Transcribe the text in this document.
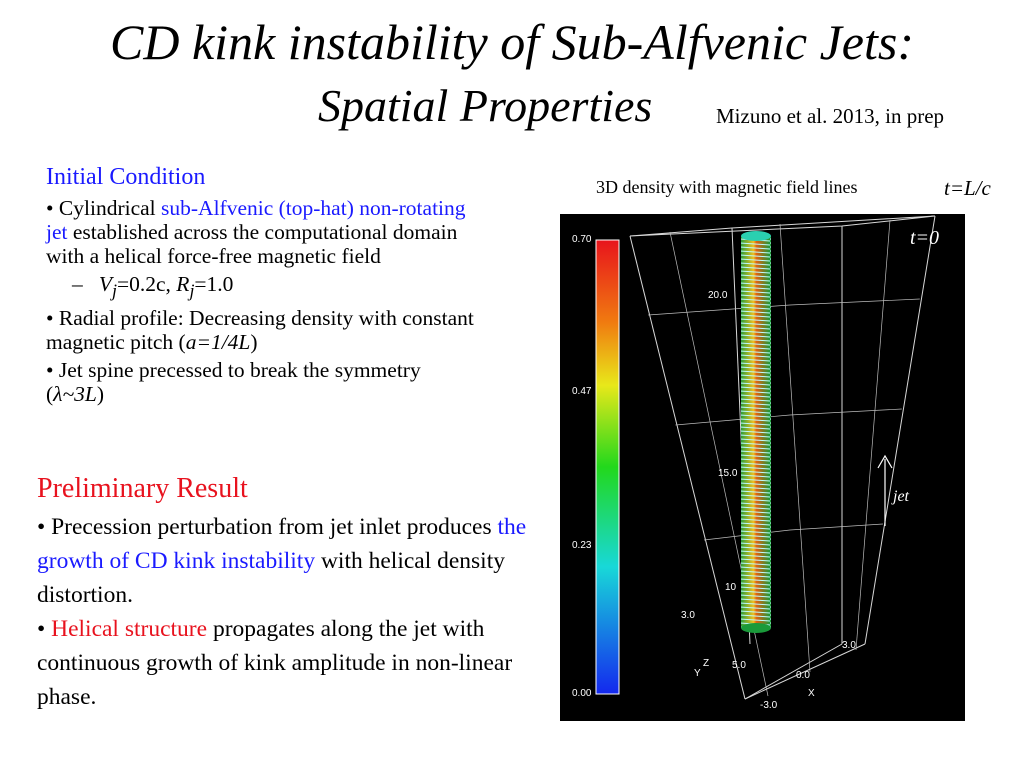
CD kink instability of Sub-Alfvenic Jets:
Spatial Properties	Mizuno et al. 2013, in prep
Initial Condition

• Cylindrical sub-Alfvenic (top-hat) non-rotating jet established across the computational domain with a helical force-free magnetic field

– $V_j=0.2c$, $R_j=1.0$

• Radial profile: Decreasing density with constant magnetic pitch (a=1/4L)

• Jet spine precessed to break the symmetry (λ~3L)

Preliminary Result

• Precession perturbation from jet inlet produces the growth of CD kink instability with helical density distortion.

• Helical structure propagates along the jet with continuous growth of kink amplitude in non-linear phase.

3D density with magnetic field lines	t=L/c
0.70
0.47
0.23
0.00
t=0
20.0
15.0
10
3.0
5.0
0.0
3.0
-3.0
Y
Z
X
jet
